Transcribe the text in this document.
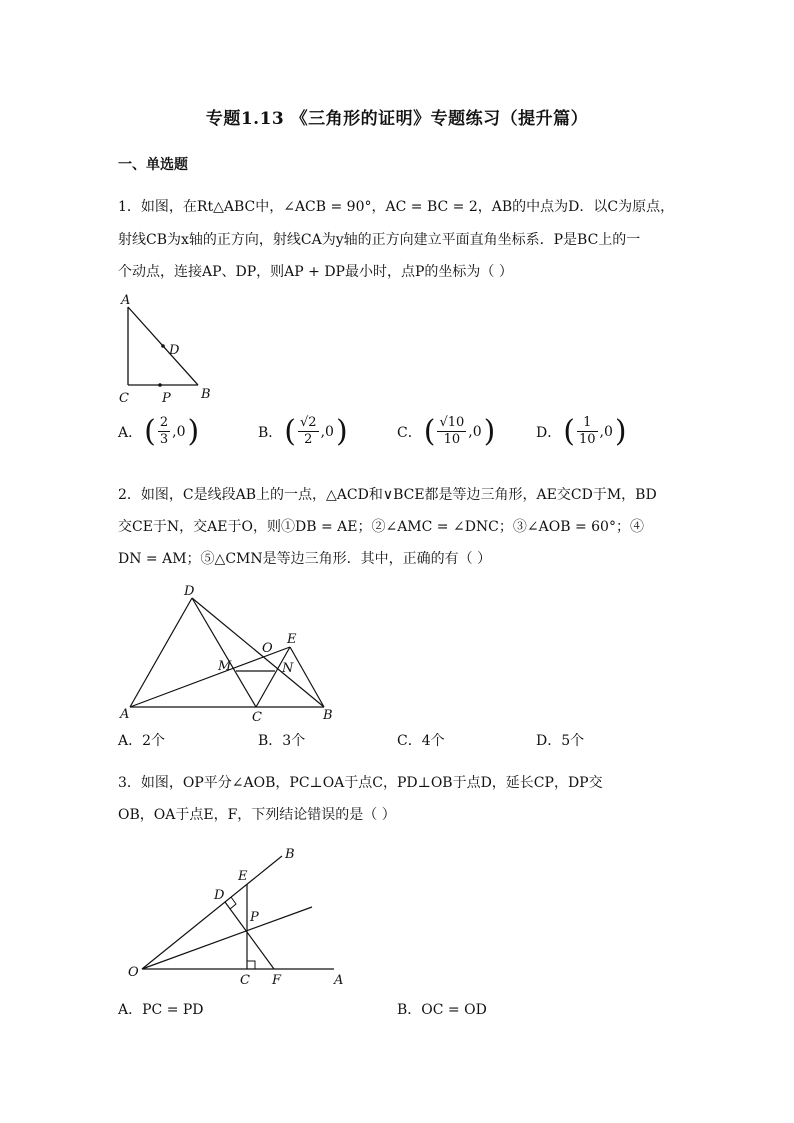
专题1.13 《三角形的证明》专题练习（提升篇）
一、单选题
1．如图，在Rt△ABC中，∠ACB = 90°，AC = BC = 2，AB的中点为D．以C为原点，
射线CB为x轴的正方向，射线CA为y轴的正方向建立平面直角坐标系．P是BC上的一
个动点，连接AP、DP，则AP + DP最小时，点P的坐标为（ ）
A
D
C	P B
A． ( $\frac{2}{3} ,0$ )	B． ( $\frac{√2}{2} ,0$ )	C． ( $\frac{√10}{10} ,0$ )	D． ( $\frac{1}{10} ,0$ )
2．如图，C是线段AB上的一点，△ACD和∨BCE都是等边三角形，AE交CD于M，BD
交CE于N，交AE于O，则①DB = AE；②∠AMC = ∠DNC；③∠AOB = 60°；④
DN = AM；⑤△CMN是等边三角形．其中，正确的有（ ）
D
E
O
M	N
A	C	B
A．2个	B．3个	C．4个	D．5个
3．如图，OP平分∠AOB，PC⊥OA于点C，PD⊥OB于点D，延长CP，DP交
OB，OA于点E，F，下列结论错误的是（ ）
B
E
D
P
O
C F	A
A．PC = PD	B．OC = OD
